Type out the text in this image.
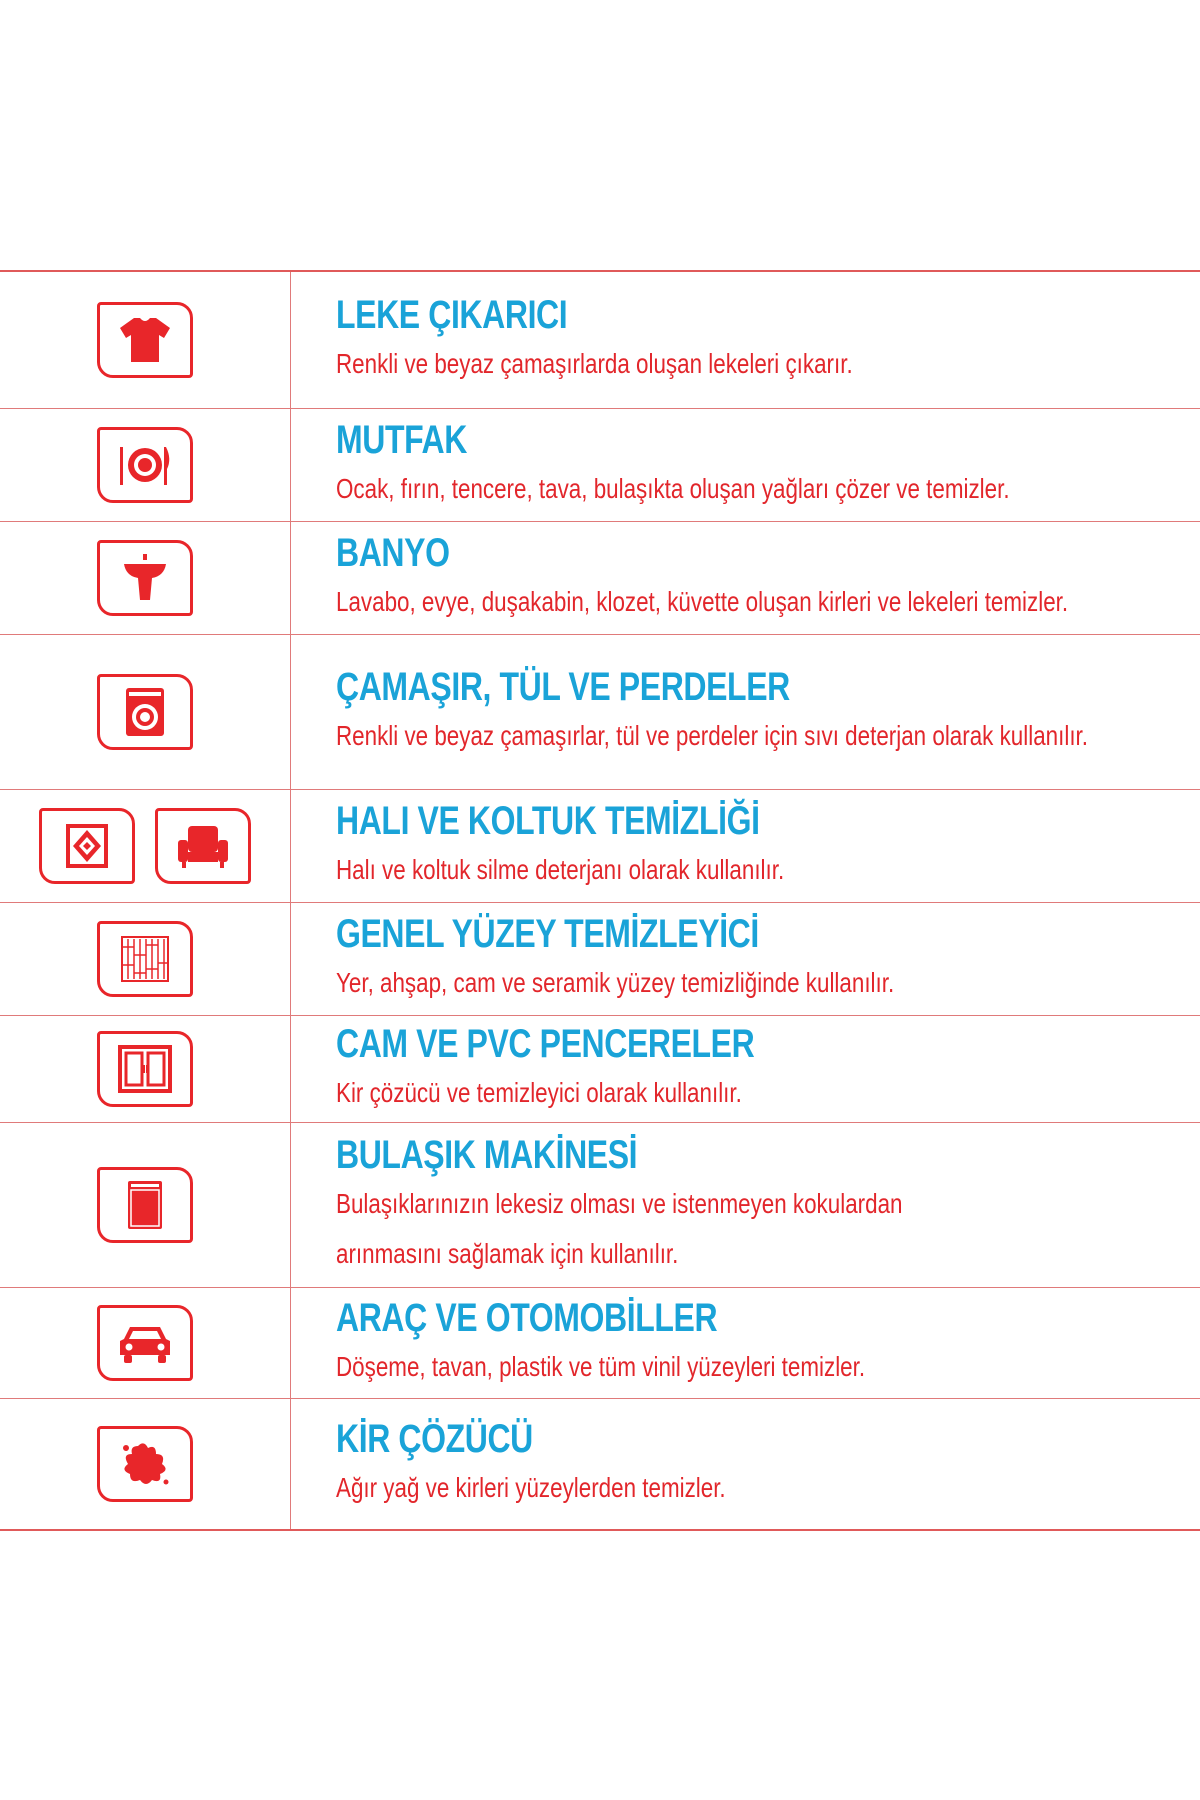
LEKE ÇIKARICI
Renkli ve beyaz çamaşırlarda oluşan lekeleri çıkarır.
MUTFAK
Ocak, fırın, tencere, tava, bulaşıkta oluşan yağları çözer ve temizler.
BANYO
Lavabo, evye, duşakabin, klozet, küvette oluşan kirleri ve lekeleri temizler.
ÇAMAŞIR, TÜL VE PERDELER
Renkli ve beyaz çamaşırlar, tül ve perdeler için sıvı deterjan olarak kullanılır.
HALI VE KOLTUK TEMİZLİĞİ
Halı ve koltuk silme deterjanı olarak kullanılır.
GENEL YÜZEY TEMİZLEYİCİ
Yer, ahşap, cam ve seramik yüzey temizliğinde kullanılır.
CAM VE PVC PENCERELER
Kir çözücü ve temizleyici olarak kullanılır.
BULAŞIK MAKİNESİ
Bulaşıklarınızın lekesiz olması ve istenmeyen kokulardan
arınmasını sağlamak için kullanılır.
ARAÇ VE OTOMOBİLLER
Döşeme, tavan, plastik ve tüm vinil yüzeyleri temizler.
KİR ÇÖZÜCÜ
Ağır yağ ve kirleri yüzeylerden temizler.
